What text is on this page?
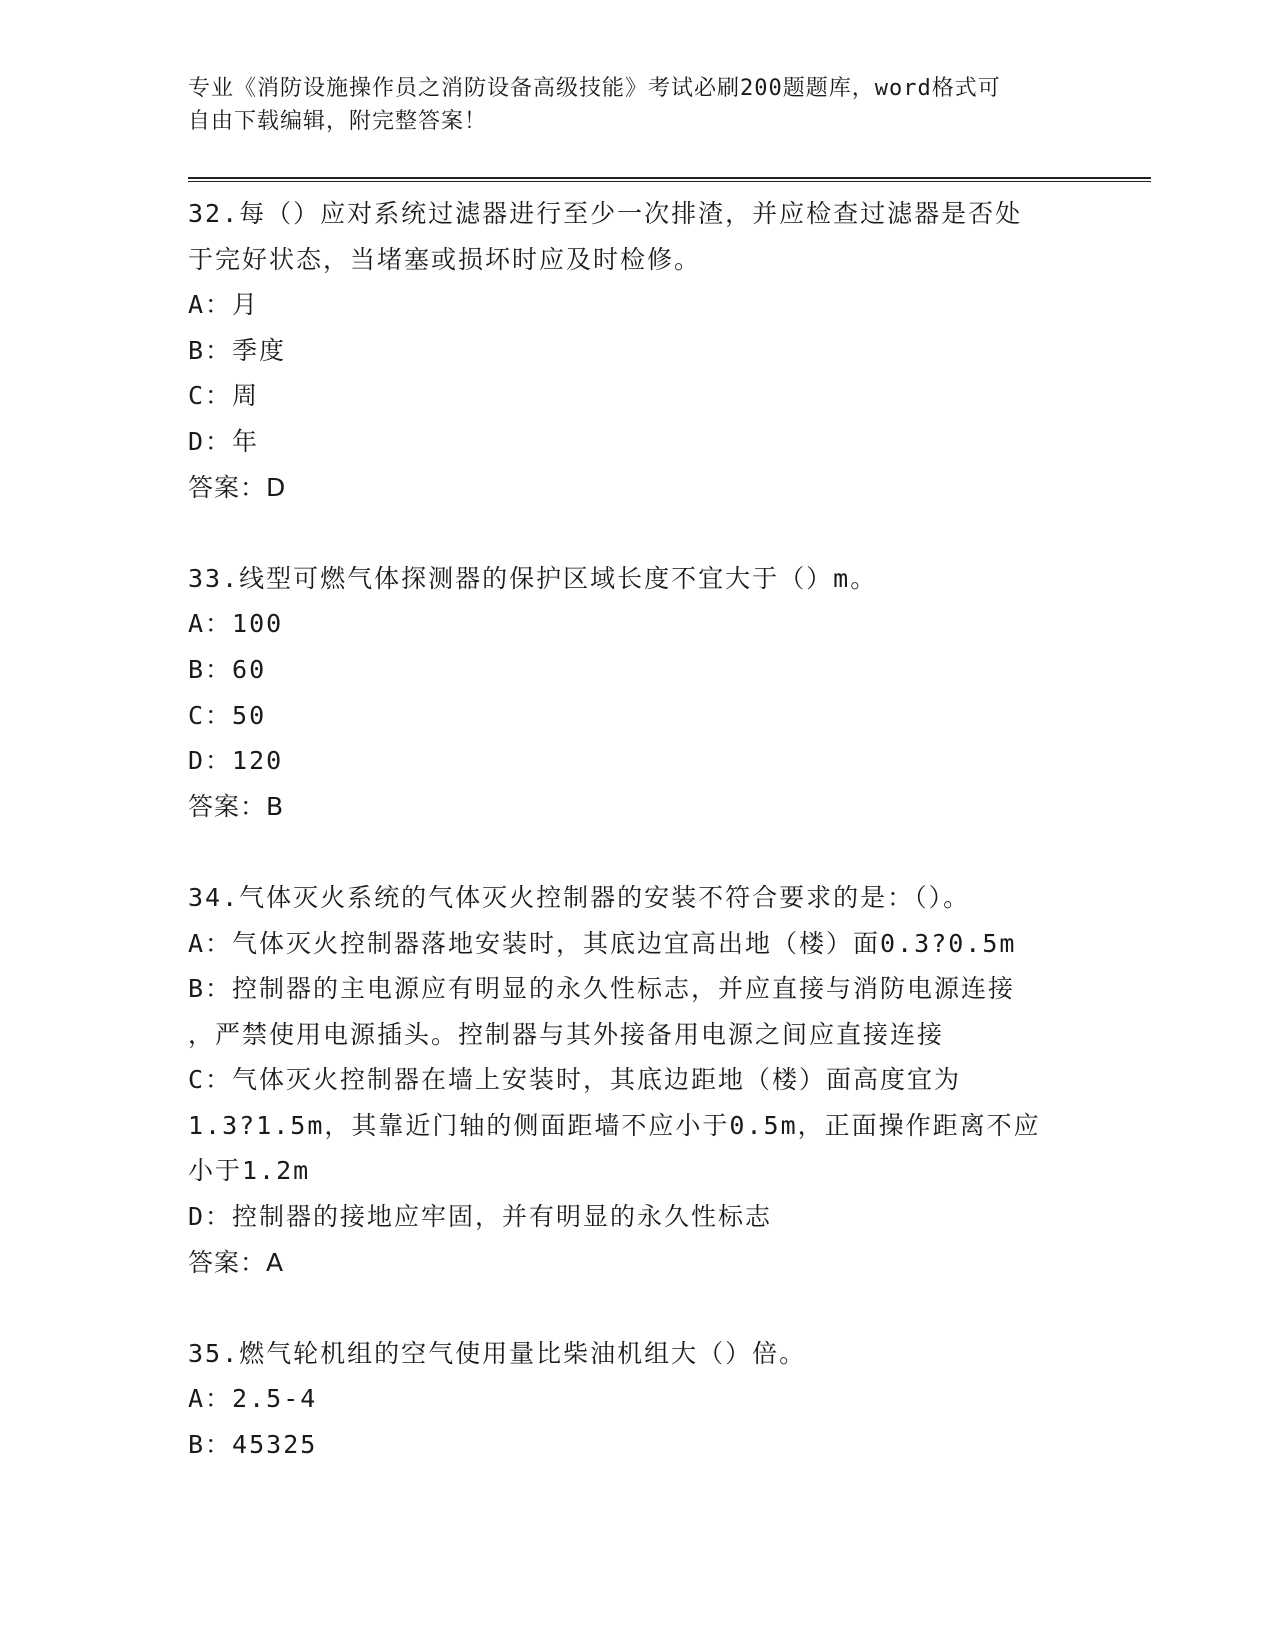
专业《消防设施操作员之消防设备高级技能》考试必刷200题题库，word格式可
自由下载编辑，附完整答案！
32.每（）应对系统过滤器进行至少一次排渣，并应检查过滤器是否处
于完好状态，当堵塞或损坏时应及时检修。
A：月
B：季度
C：周
D：年
答案：D
33.线型可燃气体探测器的保护区域长度不宜大于（）m。
A：100
B：60
C：50
D：120
答案：B
34.气体灭火系统的气体灭火控制器的安装不符合要求的是：（）。
A：气体灭火控制器落地安装时，其底边宜高出地（楼）面0.3?0.5m
B：控制器的主电源应有明显的永久性标志，并应直接与消防电源连接
，严禁使用电源插头。控制器与其外接备用电源之间应直接连接
C：气体灭火控制器在墙上安装时，其底边距地（楼）面高度宜为
1.3?1.5m，其靠近门轴的侧面距墙不应小于0.5m，正面操作距离不应
小于1.2m
D：控制器的接地应牢固，并有明显的永久性标志
答案：A
35.燃气轮机组的空气使用量比柴油机组大（）倍。
A：2.5-4
B：45325
